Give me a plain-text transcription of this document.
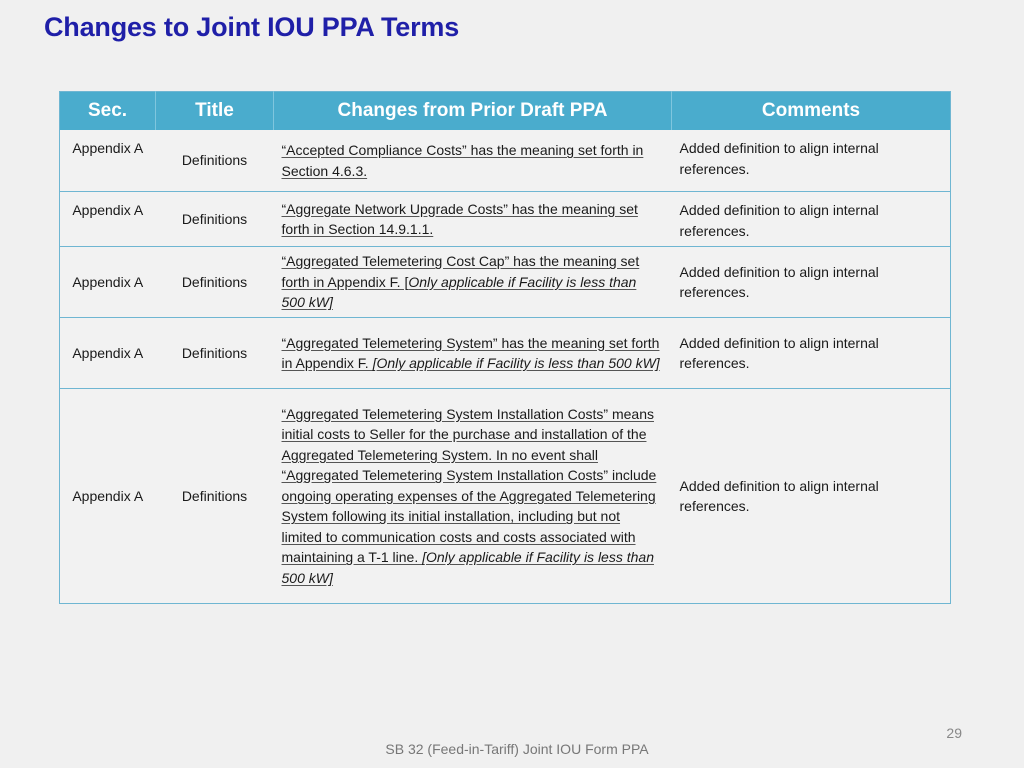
Changes to Joint IOU PPA Terms
Sec.	Title	Changes from Prior Draft PPA	Comments
Appendix A	Definitions	“Accepted Compliance Costs” has the meaning set forth in Section 4.6.3.	Added definition to align internal references.
Appendix A	Definitions	“Aggregate Network Upgrade Costs” has the meaning set forth in Section 14.9.1.1.	Added definition to align internal references.
Appendix A	Definitions	“Aggregated Telemetering Cost Cap” has the meaning set forth in Appendix F. [Only applicable if Facility is less than 500 kW]	Added definition to align internal references.
Appendix A	Definitions	“Aggregated Telemetering System” has the meaning set forth in Appendix F. [Only applicable if Facility is less than 500 kW]	Added definition to align internal references.
Appendix A	Definitions	“Aggregated Telemetering System Installation Costs” means initial costs to Seller for the purchase and installation of the Aggregated Telemetering System. In no event shall “Aggregated Telemetering System Installation Costs” include ongoing operating expenses of the Aggregated Telemetering System following its initial installation, including but not limited to communication costs and costs associated with maintaining a T-1 line. [Only applicable if Facility is less than 500 kW]	Added definition to align internal references.
29
SB 32 (Feed-in-Tariff) Joint IOU Form PPA
